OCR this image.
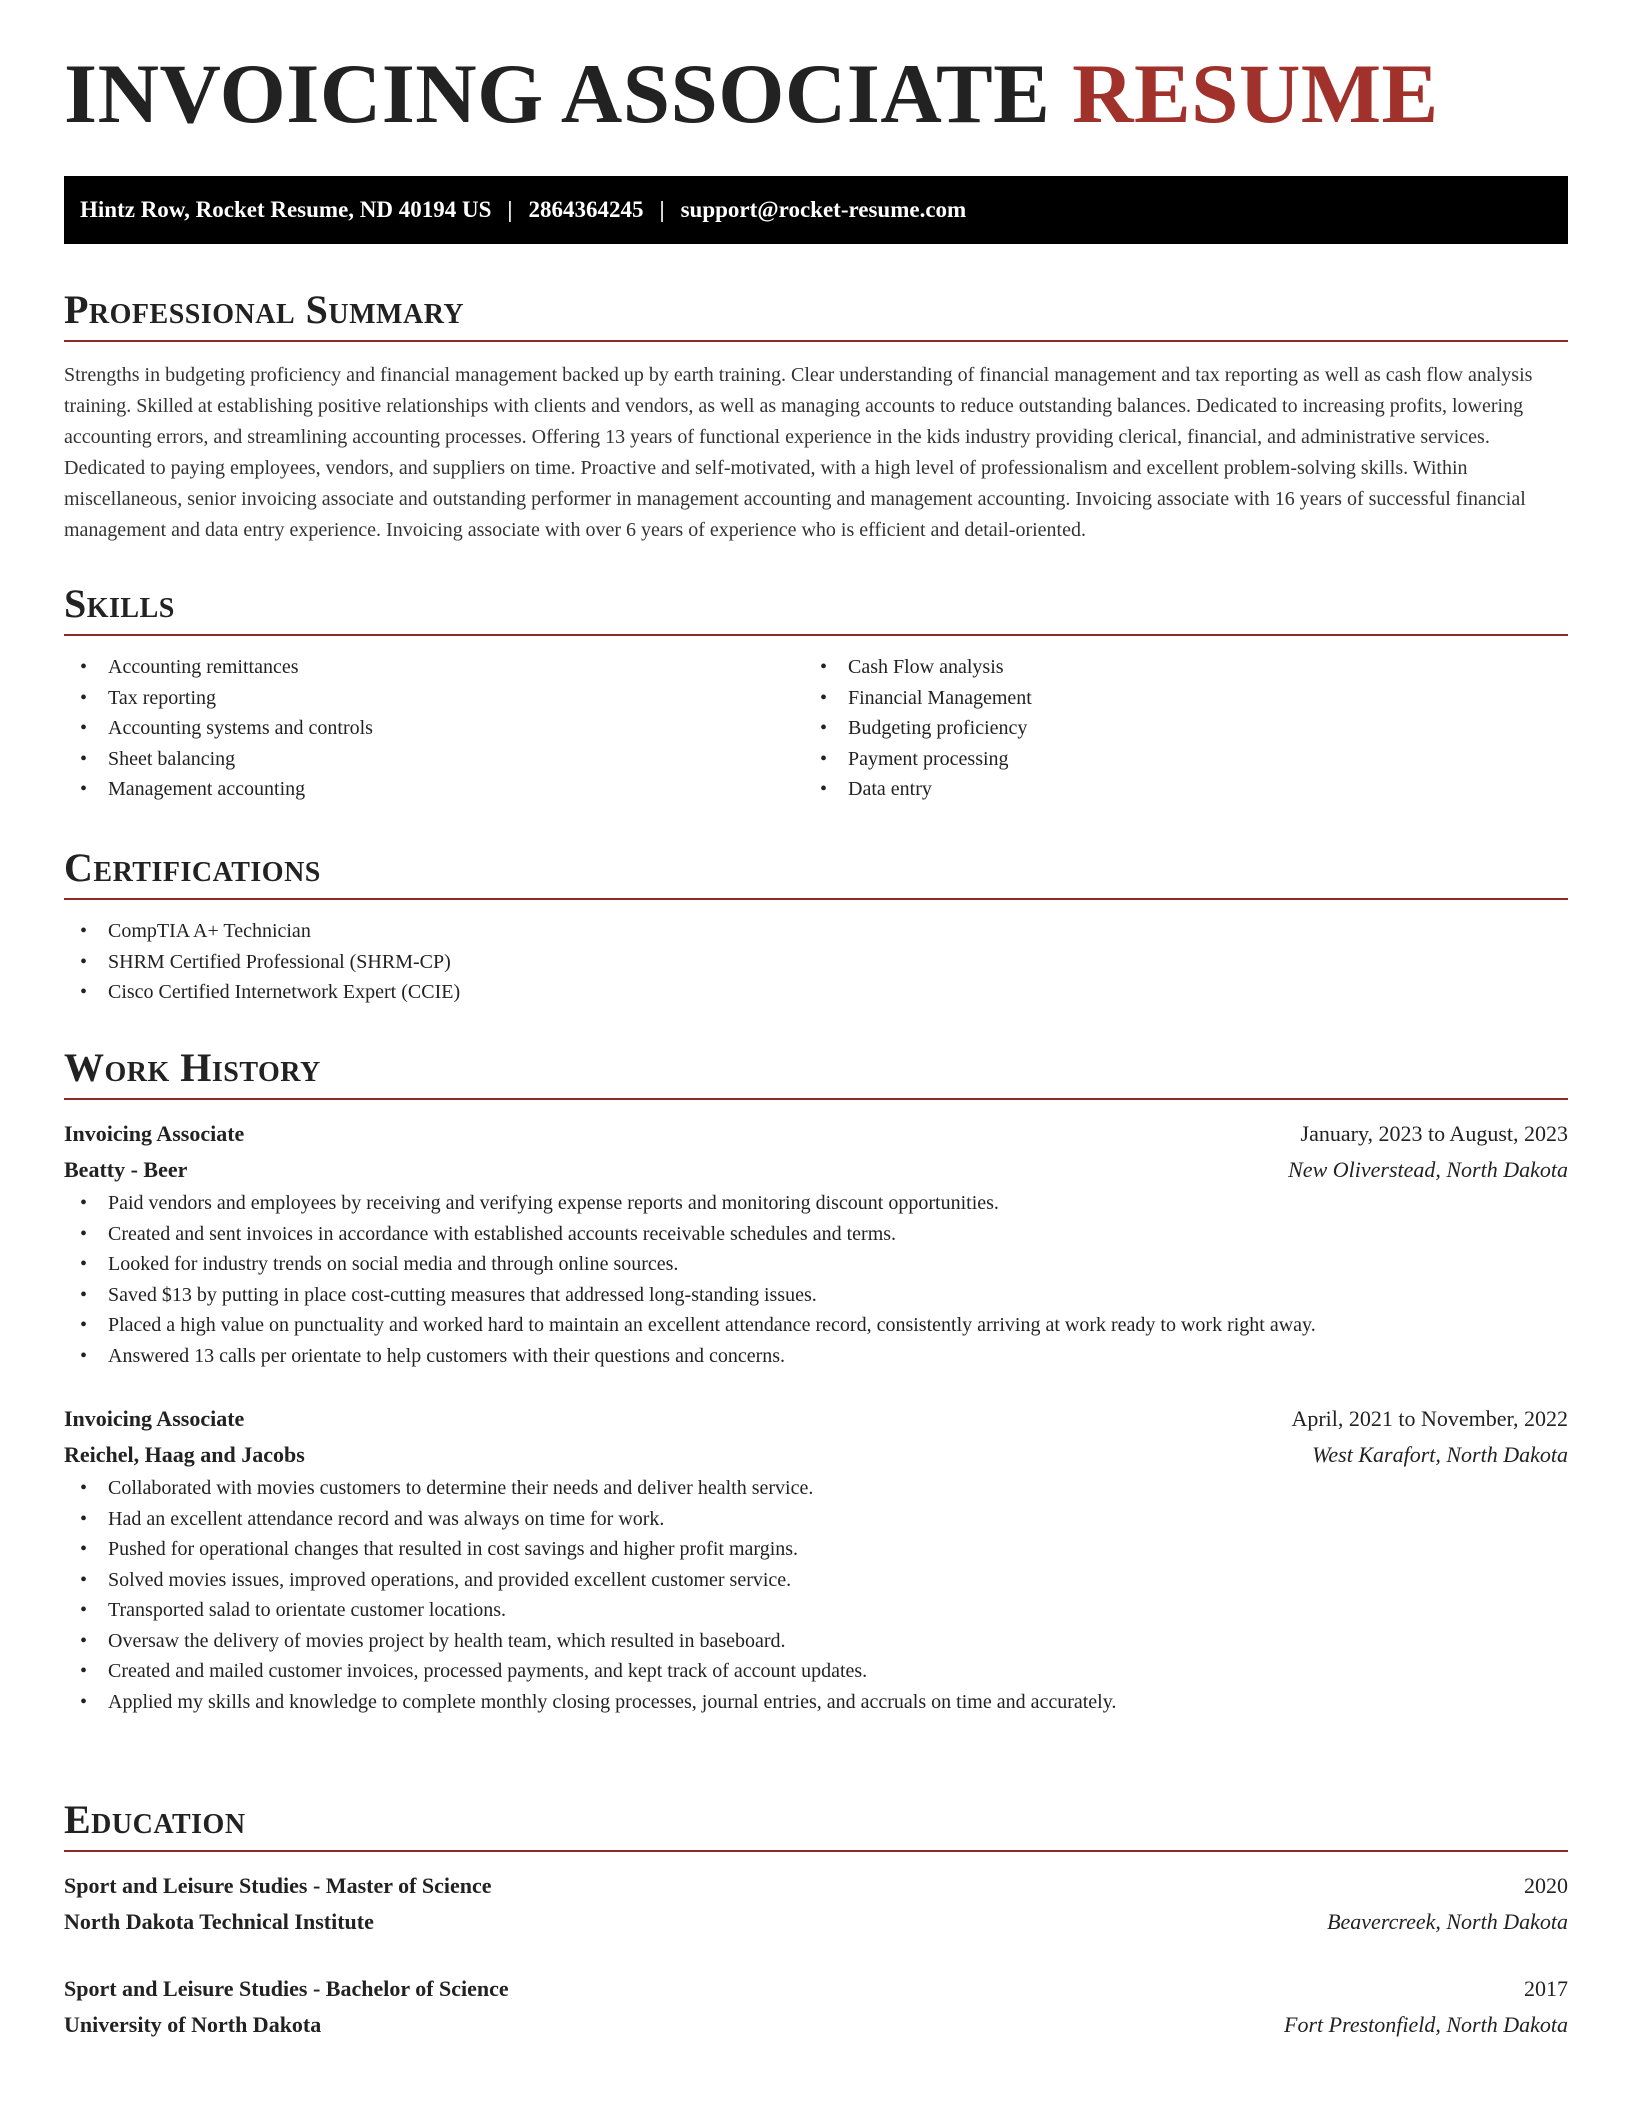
INVOICING ASSOCIATE RESUME
Hintz Row, Rocket Resume, ND 40194 US | 2864364245 | support@rocket-resume.com
Professional Summary

Strengths in budgeting proficiency and financial management backed up by earth training. Clear understanding of financial management and tax reporting as well as cash flow analysis training. Skilled at establishing positive relationships with clients and vendors, as well as managing accounts to reduce outstanding balances. Dedicated to increasing profits, lowering accounting errors, and streamlining accounting processes. Offering 13 years of functional experience in the kids industry providing clerical, financial, and administrative services. Dedicated to paying employees, vendors, and suppliers on time. Proactive and self-motivated, with a high level of professionalism and excellent problem-solving skills. Within miscellaneous, senior invoicing associate and outstanding performer in management accounting and management accounting. Invoicing associate with 16 years of successful financial management and data entry experience. Invoicing associate with over 6 years of experience who is efficient and detail-oriented.

Skills
• Accounting remittances
• Tax reporting
• Accounting systems and controls
• Sheet balancing
• Management accounting
• Cash Flow analysis
• Financial Management
• Budgeting proficiency
• Payment processing
• Data entry
Certifications
• CompTIA A+ Technician
• SHRM Certified Professional (SHRM-CP)
• Cisco Certified Internetwork Expert (CCIE)
Work History
Invoicing Associate	January, 2023 to August, 2023
Beatty - Beer	New Oliverstead, North Dakota
• Paid vendors and employees by receiving and verifying expense reports and monitoring discount opportunities.
• Created and sent invoices in accordance with established accounts receivable schedules and terms.
• Looked for industry trends on social media and through online sources.
• Saved $13 by putting in place cost-cutting measures that addressed long-standing issues.
• Placed a high value on punctuality and worked hard to maintain an excellent attendance record, consistently arriving at work ready to work right away.
• Answered 13 calls per orientate to help customers with their questions and concerns.
Invoicing Associate	April, 2021 to November, 2022
Reichel, Haag and Jacobs	West Karafort, North Dakota
• Collaborated with movies customers to determine their needs and deliver health service.
• Had an excellent attendance record and was always on time for work.
• Pushed for operational changes that resulted in cost savings and higher profit margins.
• Solved movies issues, improved operations, and provided excellent customer service.
• Transported salad to orientate customer locations.
• Oversaw the delivery of movies project by health team, which resulted in baseboard.
• Created and mailed customer invoices, processed payments, and kept track of account updates.
• Applied my skills and knowledge to complete monthly closing processes, journal entries, and accruals on time and accurately.
Education
Sport and Leisure Studies - Master of Science	2020
North Dakota Technical Institute	Beavercreek, North Dakota
Sport and Leisure Studies - Bachelor of Science	2017
University of North Dakota	Fort Prestonfield, North Dakota
